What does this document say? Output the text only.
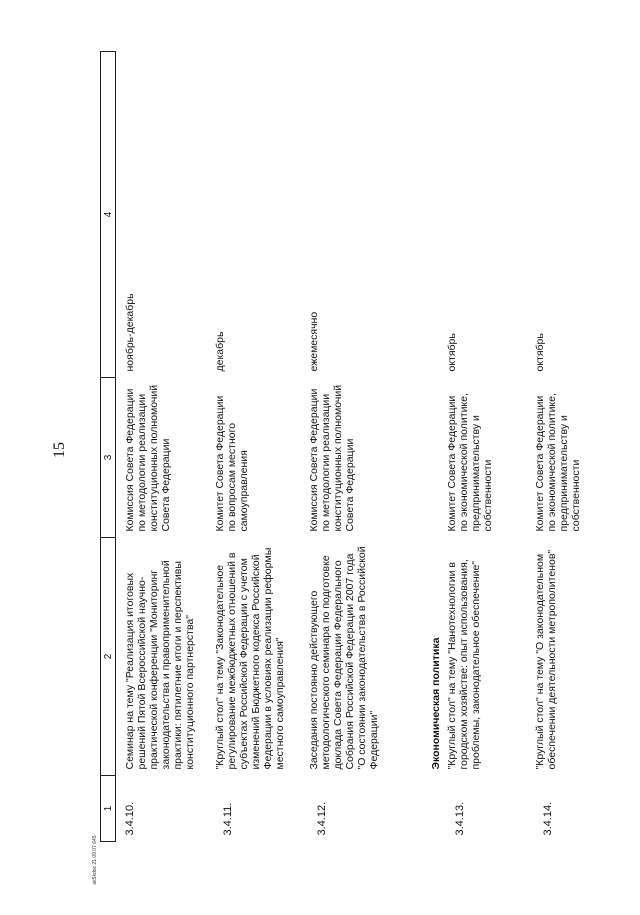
15
1	2	3	4
3.4.10.	Семинар на тему "Реализация итоговых решений Пятой Всероссийской научно-практической конференции "Мониторинг законодательства и правоприменительной практики: пятилетние итоги и перспективы конституционного партнерства"	Комиссия Совета Федерации по методологии реализации конституционных полномочий Совета Федерации	ноябрь-декабрь
3.4.11.	"Круглый стол" на тему "Законодательное регулирование межбюджетных отношений в субъектах Российской Федерации с учетом изменений Бюджетного кодекса Российской Федерации в условиях реализации реформы местного самоуправления"	Комитет Совета Федерации по вопросам местного самоуправления	декабрь
3.4.12.	Заседания постоянно действующего методологического семинара по подготовке доклада Совета Федерации Федерального Собрания Российской Федерации 2007 года "О состоянии законодательства в Российской Федерации"	Комиссия Совета Федерации по методологии реализации конституционных полномочий Совета Федерации	ежемесячно
	Экономическая политика		
3.4.13.	"Круглый стол" на тему "Нанотехнологии в городском хозяйстве: опыт использования, проблемы, законодательное обеспечение"	Комитет Совета Федерации по экономической политике, предпринимательству и собственности	октябрь
3.4.14.	"Круглый стол" на тему "О законодательном обеспечении деятельности метрополитенов"	Комитет Совета Федерации по экономической политике, предпринимательству и собственности	октябрь
ak5kdoc 21.09.07 645
